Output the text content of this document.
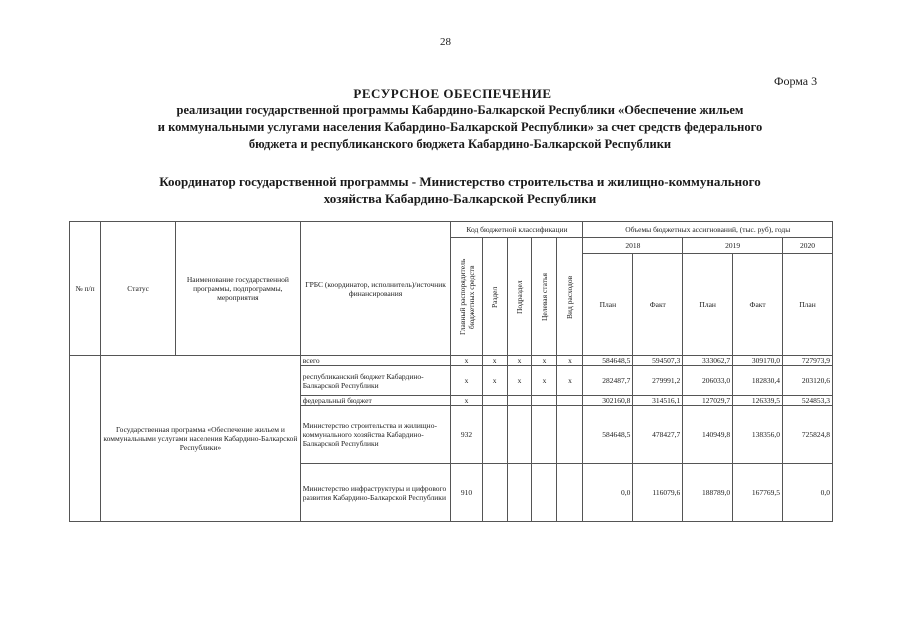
28
Форма 3
РЕСУРСНОЕ ОБЕСПЕЧЕНИЕ
реализации государственной программы Кабардино-Балкарской Республики «Обеспечение жильем
и коммунальными услугами населения Кабардино-Балкарской Республики» за счет средств федерального
бюджета и республиканского бюджета Кабардино-Балкарской Республики
Координатор государственной программы - Министерство строительства и жилищно-коммунального
хозяйства Кабардино-Балкарской Республики
№ п/п	Статус	Наименование государственной программы, подпрограммы, мероприятия	ГРБС (координатор, исполнитель)/источник финансирования	Код бюджетной классификации					Объемы бюджетных ассигнований, (тыс. руб), годы				

				Главный распорядитель бюджетных средств	Раздел	Подраздел	Целевая статья	Вид расходов	2018		2019		2020
									План	Факт	План	Факт	План
	Государственная программа «Обеспечение жильем и коммунальными услугами населения Кабардино-Балкарской Республики»		всего	х	х	х	х	х	584648,5	594507,3	333062,7	309170,0	727973,9
			республиканский бюджет Кабардино- Балкарской Республики	х	х	х	х	х	282487,7	279991,2	206033,0	182830,4	203120,6
			федеральный бюджет	х					302160,8	314516,1	127029,7	126339,5	524853,3
			Министерство строительства и жилищно-коммунального хозяйства Кабардино-Балкарской Республики	932					584648,5	478427,7	140949,8	138356,0	725824,8
			Министерство инфраструктуры и цифрового развития Кабардино-Балкарской Республики	910					0,0	116079,6	188789,0	167769,5	0,0
